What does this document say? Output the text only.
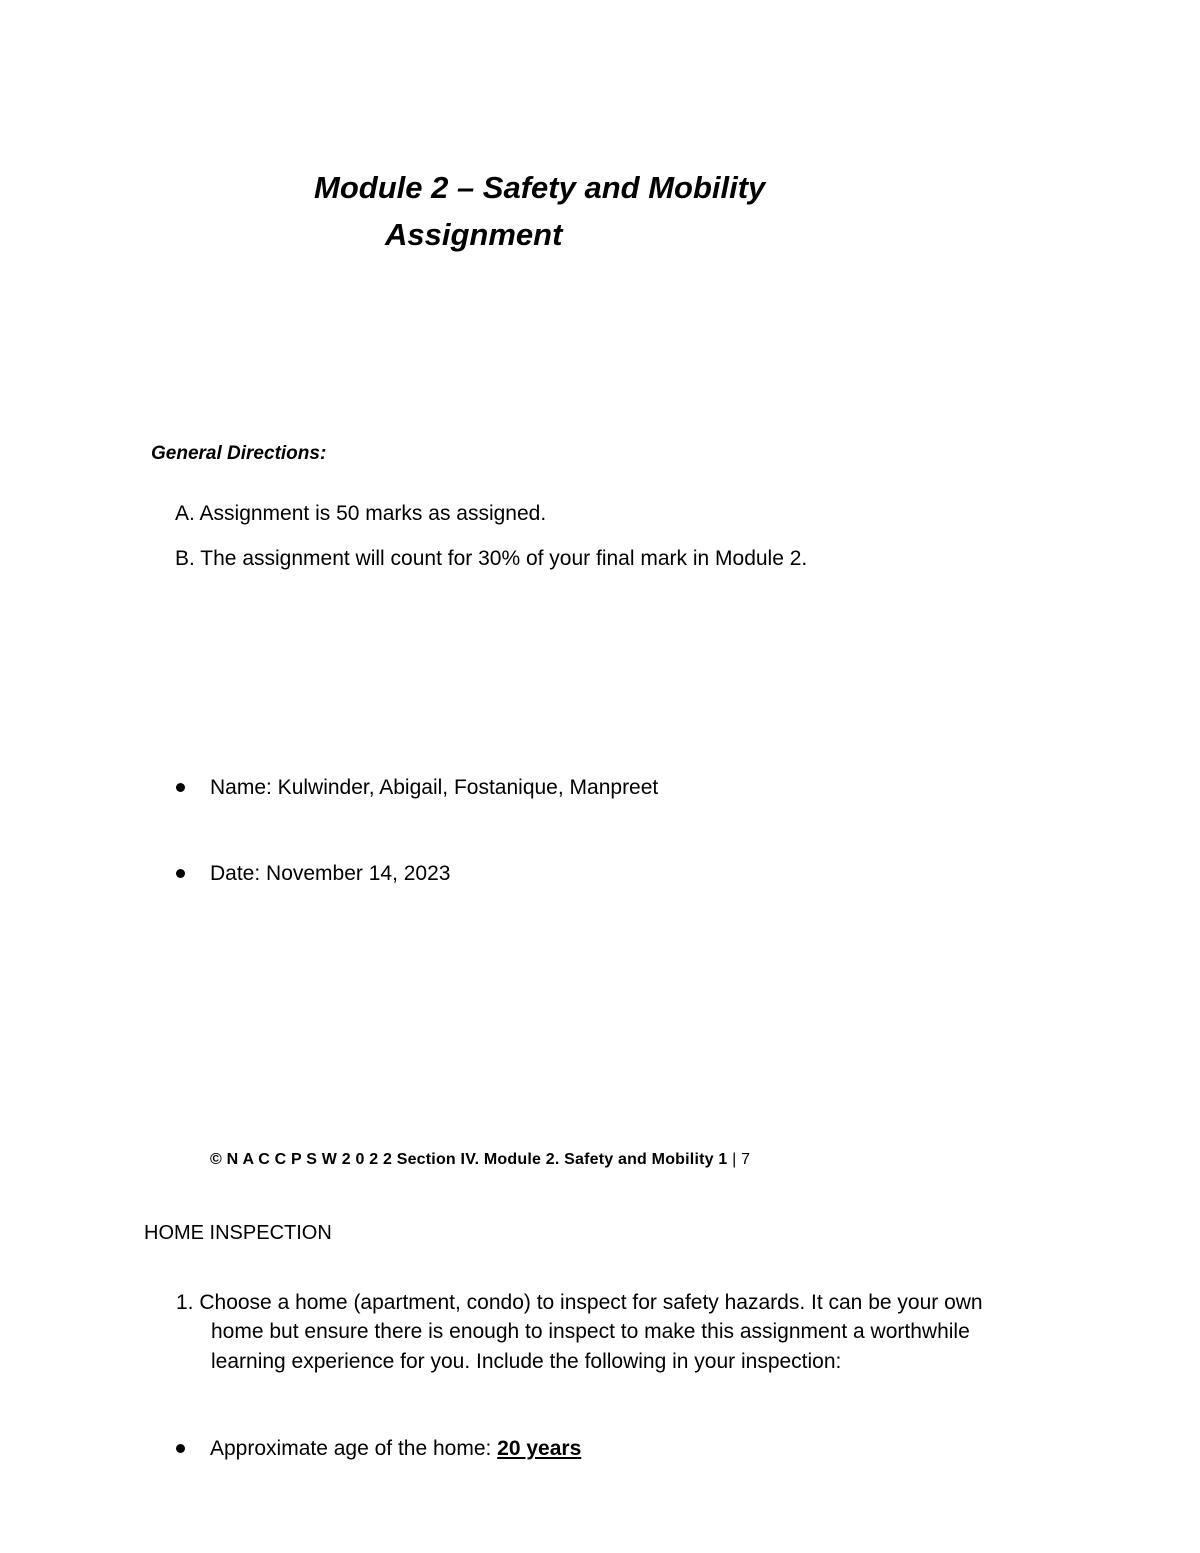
Module 2 – Safety and Mobility
Assignment
General Directions:
A. Assignment is 50 marks as assigned.
B. The assignment will count for 30% of your final mark in Module 2.
Name: Kulwinder, Abigail, Fostanique, Manpreet
Date: November 14, 2023
© N A C C P S W 2 0 2 2 Section IV. Module 2. Safety and Mobility 1 | 7
HOME INSPECTION
1. Choose a home (apartment, condo) to inspect for safety hazards. It can be your own
home but ensure there is enough to inspect to make this assignment a worthwhile
learning experience for you. Include the following in your inspection:
Approximate age of the home: 20 years
